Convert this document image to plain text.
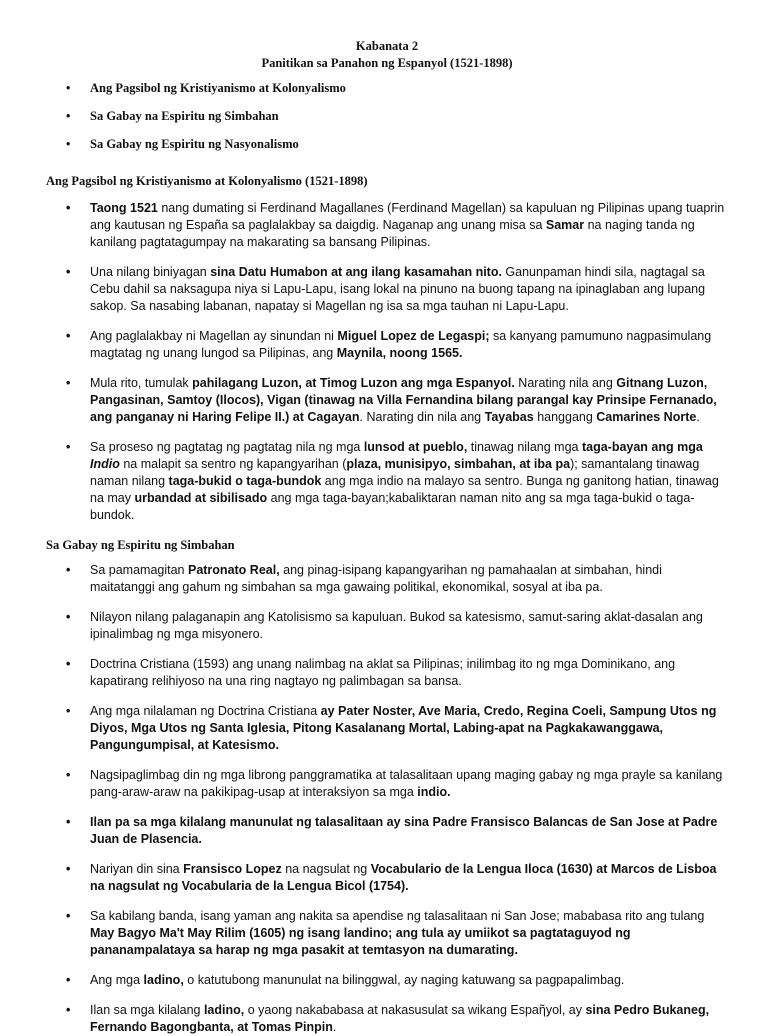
Kabanata 2
Panitikan sa Panahon ng Espanyol (1521-1898)
• Ang Pagsibol ng Kristiyanismo at Kolonyalismo
• Sa Gabay na Espiritu ng Simbahan
• Sa Gabay ng Espiritu ng Nasyonalismo
Ang Pagsibol ng Kristiyanismo at Kolonyalismo (1521-1898)
• Taong 1521 nang dumating si Ferdinand Magallanes (Ferdinand Magellan) sa kapuluan ng Pilipinas upang tuaprin ang kautusan ng España sa paglalakbay sa daigdig. Naganap ang unang misa sa Samar na naging tanda ng kanilang pagtatagumpay na makarating sa bansang Pilipinas.
• Una nilang biniyagan sina Datu Humabon at ang ilang kasamahan nito. Ganunpaman hindi sila, nagtagal sa Cebu dahil sa naksagupa niya si Lapu-Lapu, isang lokal na pinuno na buong tapang na ipinaglaban ang lupang sakop. Sa nasabing labanan, napatay si Magellan ng isa sa mga tauhan ni Lapu-Lapu.
• Ang paglalakbay ni Magellan ay sinundan ni Miguel Lopez de Legaspi; sa kanyang pamumuno nagpasimulang magtatag ng unang lungod sa Pilipinas, ang Maynila, noong 1565.
• Mula rito, tumulak pahilagang Luzon, at Timog Luzon ang mga Espanyol. Narating nila ang Gitnang Luzon, Pangasinan, Samtoy (Ilocos), Vigan (tinawag na Villa Fernandina bilang parangal kay Prinsipe Fernanado, ang panganay ni Haring Felipe II.) at Cagayan. Narating din nila ang Tayabas hanggang Camarines Norte.
• Sa proseso ng pagtatag ng pagtatag nila ng mga lunsod at pueblo, tinawag nilang mga taga-bayan ang mga Indio na malapit sa sentro ng kapangyarihan (plaza, munisipyo, simbahan, at iba pa); samantalang tinawag naman nilang taga-bukid o taga-bundok ang mga indio na malayo sa sentro. Bunga ng ganitong hatian, tinawag na may urbandad at sibilisado ang mga taga-bayan;kabaliktaran naman nito ang sa mga taga-bukid o taga-bundok.
Sa Gabay ng Espiritu ng Simbahan
• Sa pamamagitan Patronato Real, ang pinag-isipang kapangyarihan ng pamahaalan at simbahan, hindi maitatanggi ang gahum ng simbahan sa mga gawaing politikal, ekonomikal, sosyal at iba pa.
• Nilayon nilang palaganapin ang Katolisismo sa kapuluan. Bukod sa katesismo, samut-saring aklat-dasalan ang ipinalimbag ng mga misyonero.
• Doctrina Cristiana (1593) ang unang nalimbag na aklat sa Pilipinas; inilimbag ito ng mga Dominikano, ang kapatirang relihiyoso na una ring nagtayo ng palimbagan sa bansa.
• Ang mga nilalaman ng Doctrina Cristiana ay Pater Noster, Ave Maria, Credo, Regina Coeli, Sampung Utos ng Diyos, Mga Utos ng Santa Iglesia, Pitong Kasalanang Mortal, Labing-apat na Pagkakawanggawa, Pangungumpisal, at Katesismo.
• Nagsipaglimbag din ng mga librong panggramatika at talasalitaan upang maging gabay ng mga prayle sa kanilang pang-araw-araw na pakikipag-usap at interaksiyon sa mga indio.
• Ilan pa sa mga kilalang manunulat ng talasalitaan ay sina Padre Fransisco Balancas de San Jose at Padre Juan de Plasencia.
• Nariyan din sina Fransisco Lopez na nagsulat ng Vocabulario de la Lengua Iloca (1630) at Marcos de Lisboa na nagsulat ng Vocabularia de la Lengua Bicol (1754).
• Sa kabilang banda, isang yaman ang nakita sa apendise ng talasalitaan ni San Jose; mababasa rito ang tulang May Bagyo Ma't May Rilim (1605) ng isang landino; ang tula ay umiikot sa pagtataguyod ng pananampalataya sa harap ng mga pasakit at temtasyon na dumarating.
• Ang mga ladino, o katutubong manunulat na bilinggwal, ay naging katuwang sa pagpapalimbag.
• Ilan sa mga kilalang ladino, o yaong nakababasa at nakasusulat sa wikang Espaῆyol, ay sina Pedro Bukaneg, Fernando Bagongbanta, at Tomas Pinpin.
